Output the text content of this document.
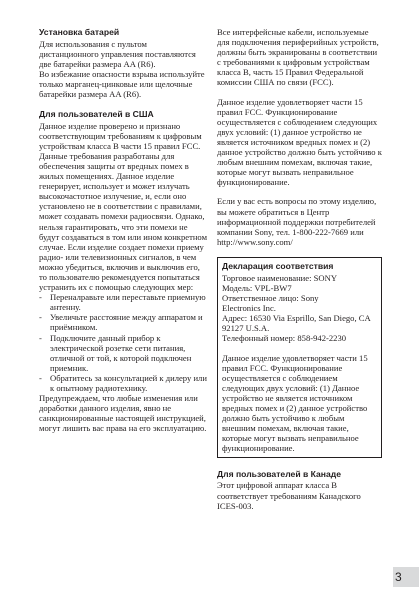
Установка батарей

Для использования с пультом дистанционного управления поставляются две батарейки размера AA (R6).

Во избежание опасности взрыва используйте только марганец-цинковые или щелочные батарейки размера AA (R6).

Для пользователей в США

Данное изделие проверено и признано соответствующим требованиям к цифровым устройствам класса B части 15 правил FCC. Данные требования разработаны для обеспечения защиты от вредных помех в жилых помещениях. Данное изделие генерирует, использует и может излучать высокочастотное излучение, и, если оно установлено не в соответствии с правилами, может создавать помехи радиосвязи. Однако, нельзя гарантировать, что эти помехи не будут создаваться в том или ином конкретном случае. Если изделие создает помехи приему радио- или телевизионных сигналов, в чем можно убедиться, включив и выключив его, то пользователю рекомендуется попытаться устранить их с помощью следующих мер:

- Переналравьте или переставьте приемную антенну.
- Увеличьте расстояние между аппаратом и приёмником.
- Подключите данный прибор к электрической розетке сети питания, отличной от той, к которой подключен приемник.
- Обратитесь за консультацией к дилеру или к опытному радиотехнику.

Предупреждаем, что любые изменения или доработки данного изделия, явно не санкционированные настоящей инструкцией, могут лишить вас права на его эксплуатацию.

Все интерфейсные кабели, используемые для подключения периферийных устройств, должны быть экранированы в соответствии с требованиями к цифровым устройствам класса B, часть 15 Правил Федеральной комиссии США по связи (FCC).

Данное изделие удовлетворяет части 15 правил FCC. Функционирование осуществляется с соблюдением следующих двух условий: (1) данное устройство не является источником вредных помех и (2) данное устройство должно быть устойчиво к любым внешним помехам, включая такие, которые могут вызвать неправильное функционирование.

Если у вас есть вопросы по этому изделию, вы можете обратиться в Центр информационной поддержки потребителей компании Sony, тел. 1-800-222-7669 или http://www.sony.com/

Декларация соответствия

Торговое наименование: SONY

Модель: VPL-BW7

Ответственное лицо: Sony

Electronics Inc.

Адрес: 16530 Via Esprillo, San Diego, CA 92127 U.S.A.

Телефонный номер: 858-942-2230

Данное изделие удовлетворяет части 15 правил FCC. Функционирование осуществляется с соблюдением следующих двух условий: (1) Данное устройство не является источником вредных помех и (2) данное устройство должно быть устойчиво к любым внешним помехам, включая такие, которые могут вызвать неправильное функционирование.

Для пользователей в Канаде

Этот цифровой аппарат класса B соответствует требованиям Канадского ICES-003.

3
